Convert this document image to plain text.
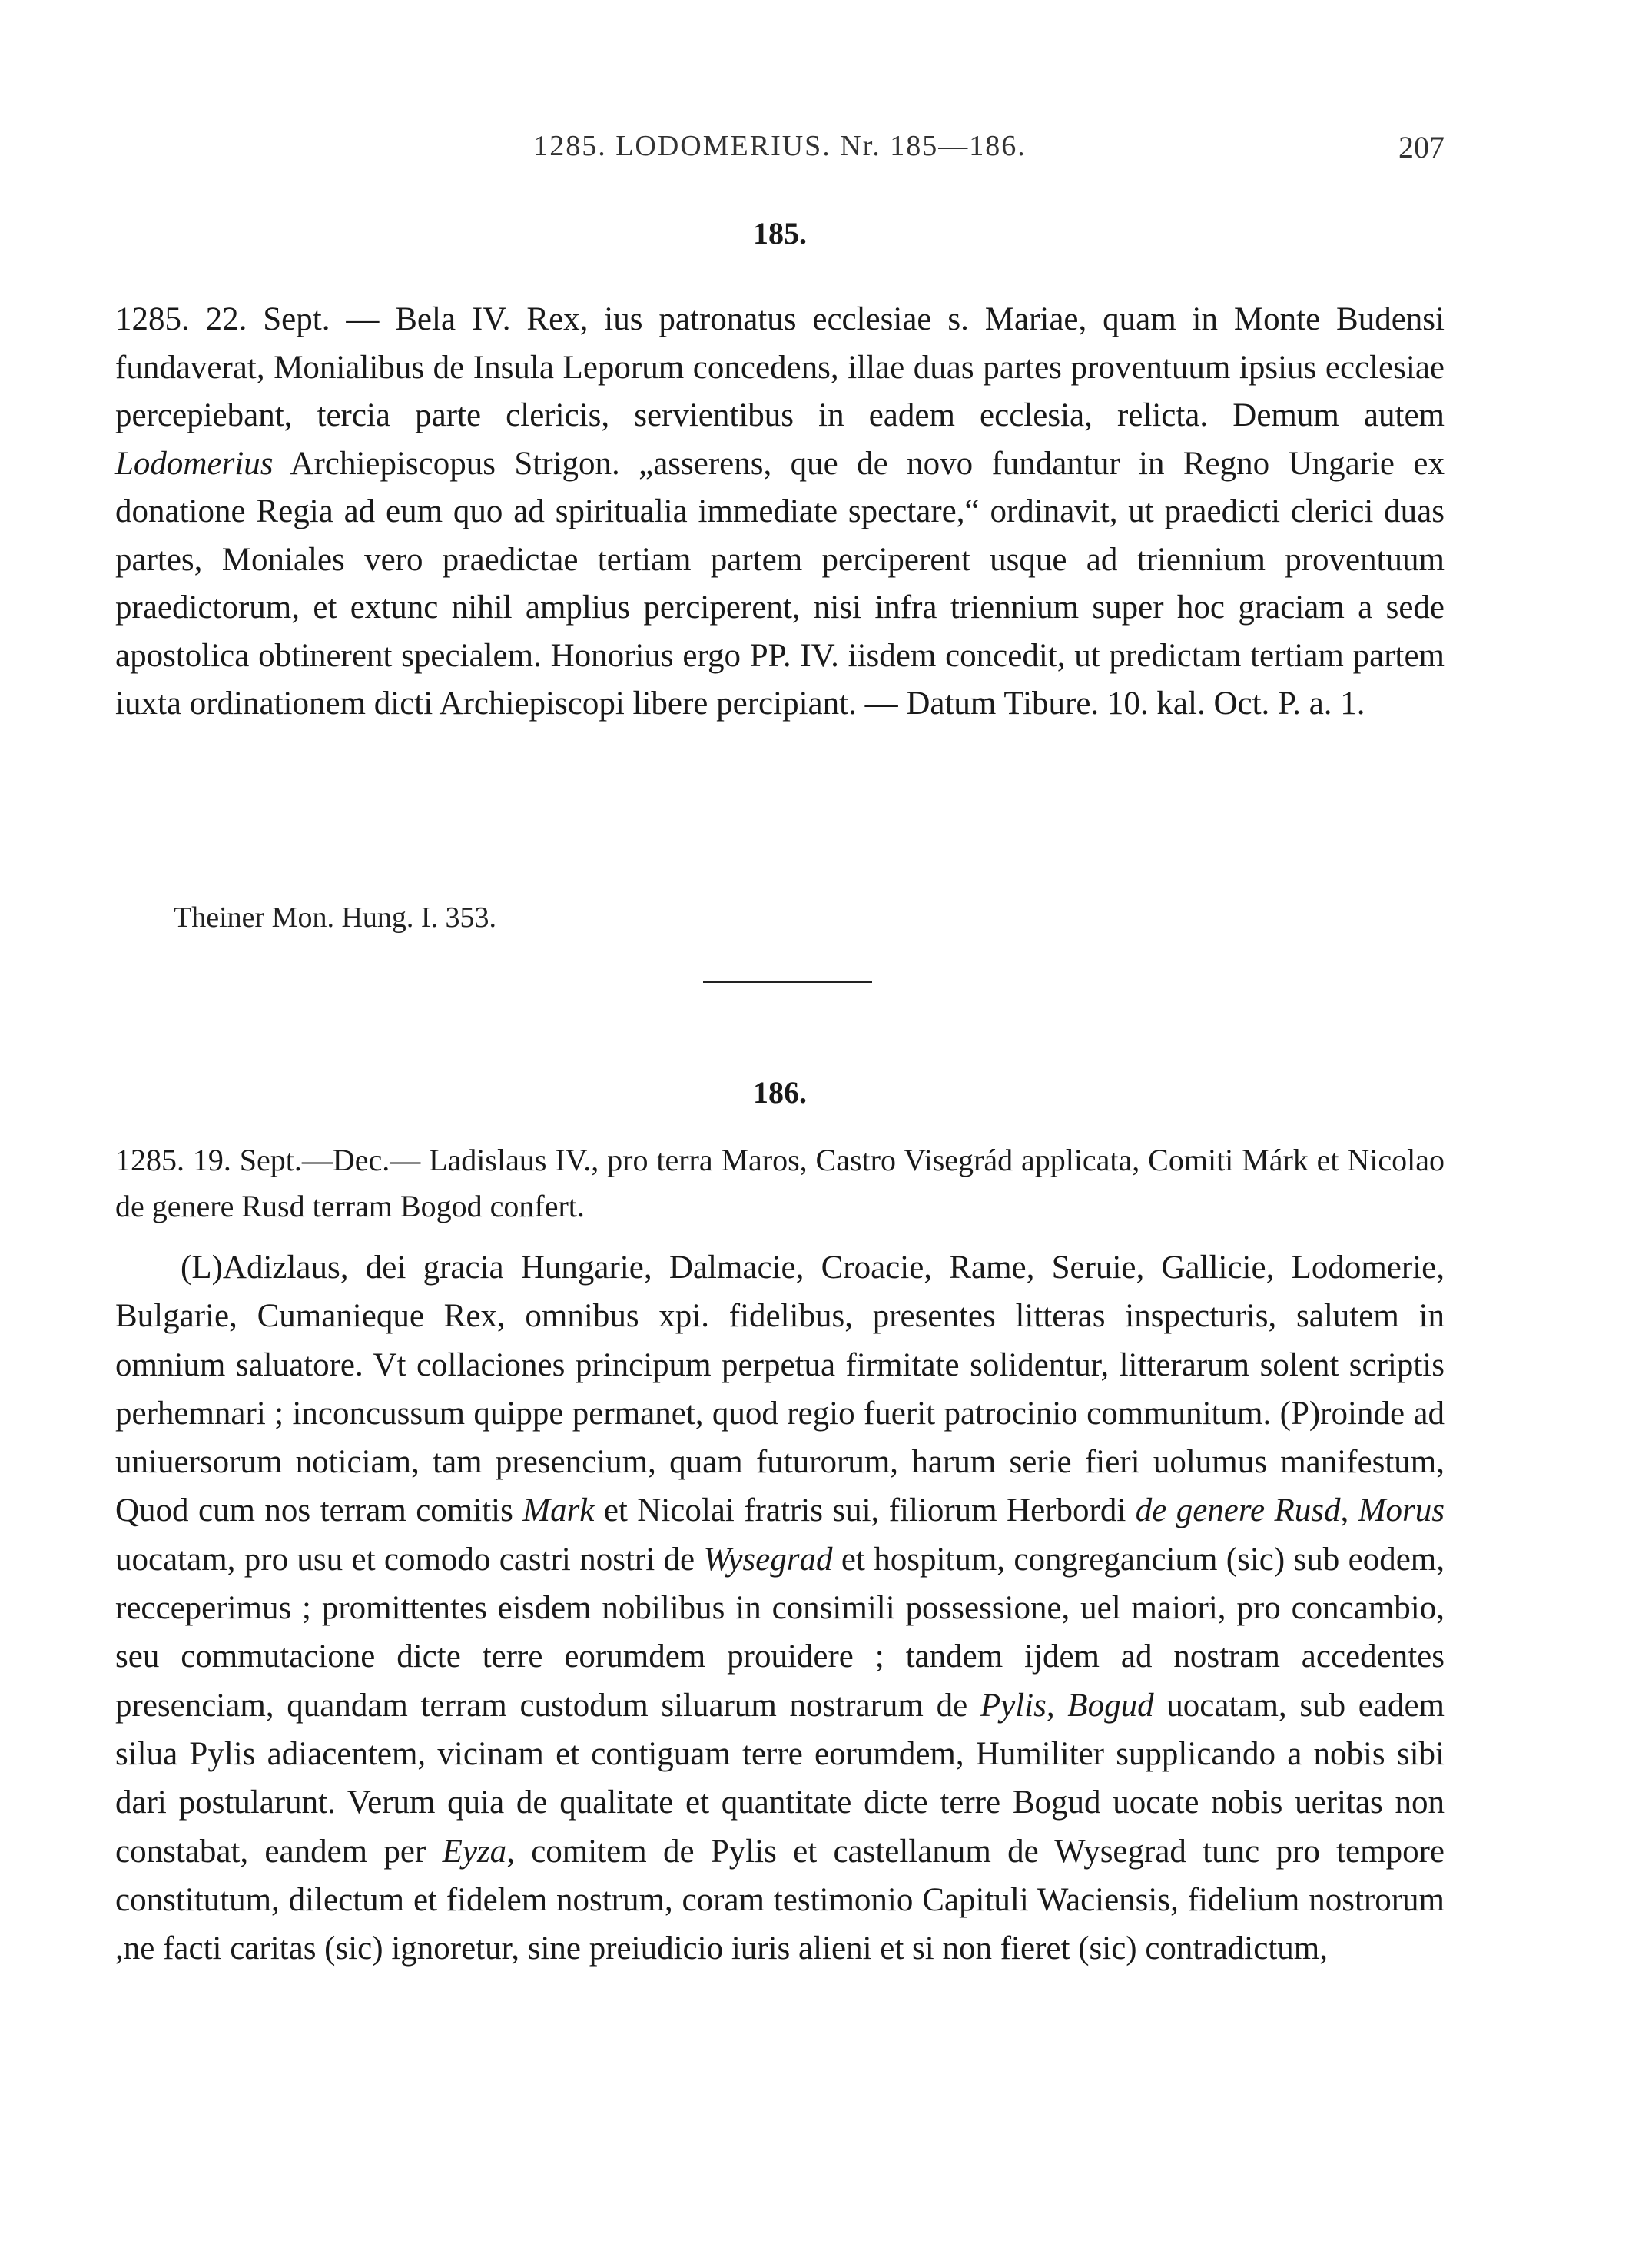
1285. LODOMERIUS. Nr. 185—186.	207
185.

1285. 22. Sept. — Bela IV. Rex, ius patronatus ecclesiae s. Mariae, quam in Monte Budensi fundaverat, Monialibus de Insula Leporum concedens, illae duas partes proventuum ipsius ecclesiae percepiebant, tercia parte clericis, servientibus in eadem ecclesia, relicta. Demum autem Lodomerius Archiepiscopus Strigon. „asserens, que de novo fundantur in Regno Ungarie ex donatione Regia ad eum quo ad spiritualia immediate spectare,“ ordinavit, ut praedicti clerici duas partes, Moniales vero praedictae tertiam partem perciperent usque ad triennium proventuum praedictorum, et extunc nihil amplius perciperent, nisi infra triennium super hoc graciam a sede apostolica obtinerent specialem. Honorius ergo PP. IV. iisdem concedit, ut predictam tertiam partem iuxta ordinationem dicti Archiepiscopi libere percipiant. — Datum Tibure. 10. kal. Oct. P. a. 1.

Theiner Mon. Hung. I. 353.
186.

1285. 19. Sept.—Dec.— Ladislaus IV., pro terra Maros, Castro Visegrád applicata, Comiti Márk et Nicolao de genere Rusd terram Bogod confert.

(L)Adizlaus, dei gracia Hungarie, Dalmacie, Croacie, Rame, Seruie, Gallicie, Lodomerie, Bulgarie, Cumanieque Rex, omnibus xpi. fidelibus, presentes litteras inspecturis, salutem in omnium saluatore. Vt collaciones principum perpetua firmitate solidentur, litterarum solent scriptis perhemnari ; inconcussum quippe permanet, quod regio fuerit patrocinio communitum. (P)roinde ad uniuersorum noticiam, tam presencium, quam futurorum, harum serie fieri uolumus manifestum, Quod cum nos terram comitis Mark et Nicolai fratris sui, filiorum Herbordi de genere Rusd, Morus uocatam, pro usu et comodo castri nostri de Wysegrad et hospitum, congregancium (sic) sub eodem, recceperimus ; promittentes eisdem nobilibus in consimili possessione, uel maiori, pro concambio, seu commutacione dicte terre eorumdem prouidere ; tandem ijdem ad nostram accedentes presenciam, quandam terram custodum siluarum nostrarum de Pylis, Bogud uocatam, sub eadem silua Pylis adiacentem, vicinam et contiguam terre eorumdem, Humiliter supplicando a nobis sibi dari postularunt. Verum quia de qualitate et quantitate dicte terre Bogud uocate nobis ueritas non constabat, eandem per Eyza, comitem de Pylis et castellanum de Wysegrad tunc pro tempore constitutum, dilectum et fidelem nostrum, coram testimonio Capituli Waciensis, fidelium nostrorum ,ne facti caritas (sic) ignoretur, sine preiudicio iuris alieni et si non fieret (sic) contradictum,
